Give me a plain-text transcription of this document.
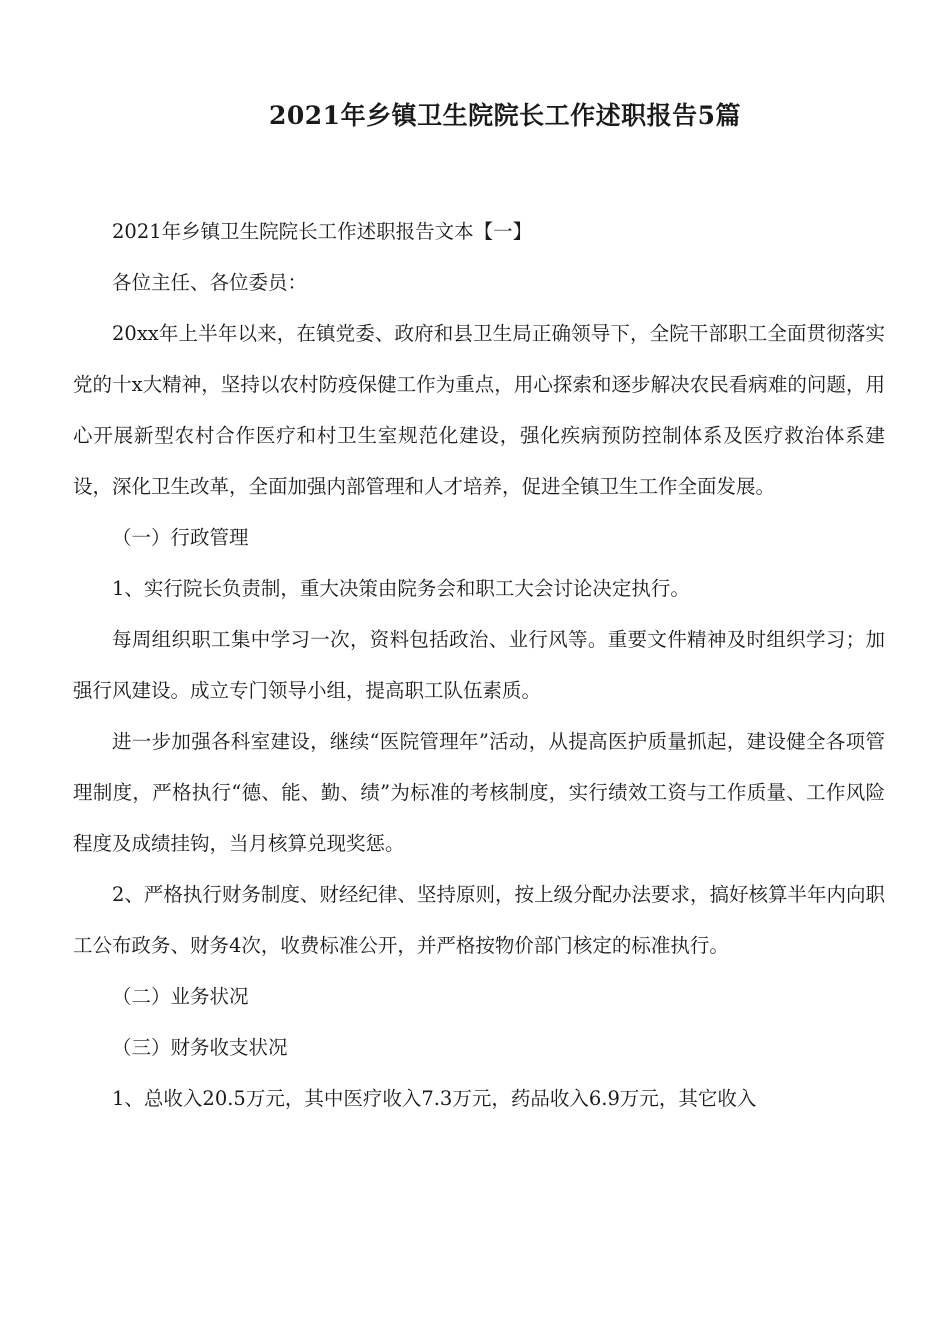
2021年乡镇卫生院院长工作述职报告5篇

2021年乡镇卫生院院长工作述职报告文本【一】

各位主任、各位委员：

20xx年上半年以来，在镇党委、政府和县卫生局正确领导下，全院干部职工全面贯彻落实党的十x大精神，坚持以农村防疫保健工作为重点，用心探索和逐步解决农民看病难的问题，用心开展新型农村合作医疗和村卫生室规范化建设，强化疾病预防控制体系及医疗救治体系建设，深化卫生改革，全面加强内部管理和人才培养，促进全镇卫生工作全面发展。

（一）行政管理

1、实行院长负责制，重大决策由院务会和职工大会讨论决定执行。

每周组织职工集中学习一次，资料包括政治、业行风等。重要文件精神及时组织学习；加强行风建设。成立专门领导小组，提高职工队伍素质。

进一步加强各科室建设，继续“医院管理年”活动，从提高医护质量抓起，建设健全各项管理制度，严格执行“德、能、勤、绩”为标准的考核制度，实行绩效工资与工作质量、工作风险程度及成绩挂钩，当月核算兑现奖惩。

2、严格执行财务制度、财经纪律、坚持原则，按上级分配办法要求，搞好核算半年内向职工公布政务、财务4次，收费标准公开，并严格按物价部门核定的标准执行。

（二）业务状况

（三）财务收支状况

1、总收入20.5万元，其中医疗收入7.3万元，药品收入6.9万元，其它收入
